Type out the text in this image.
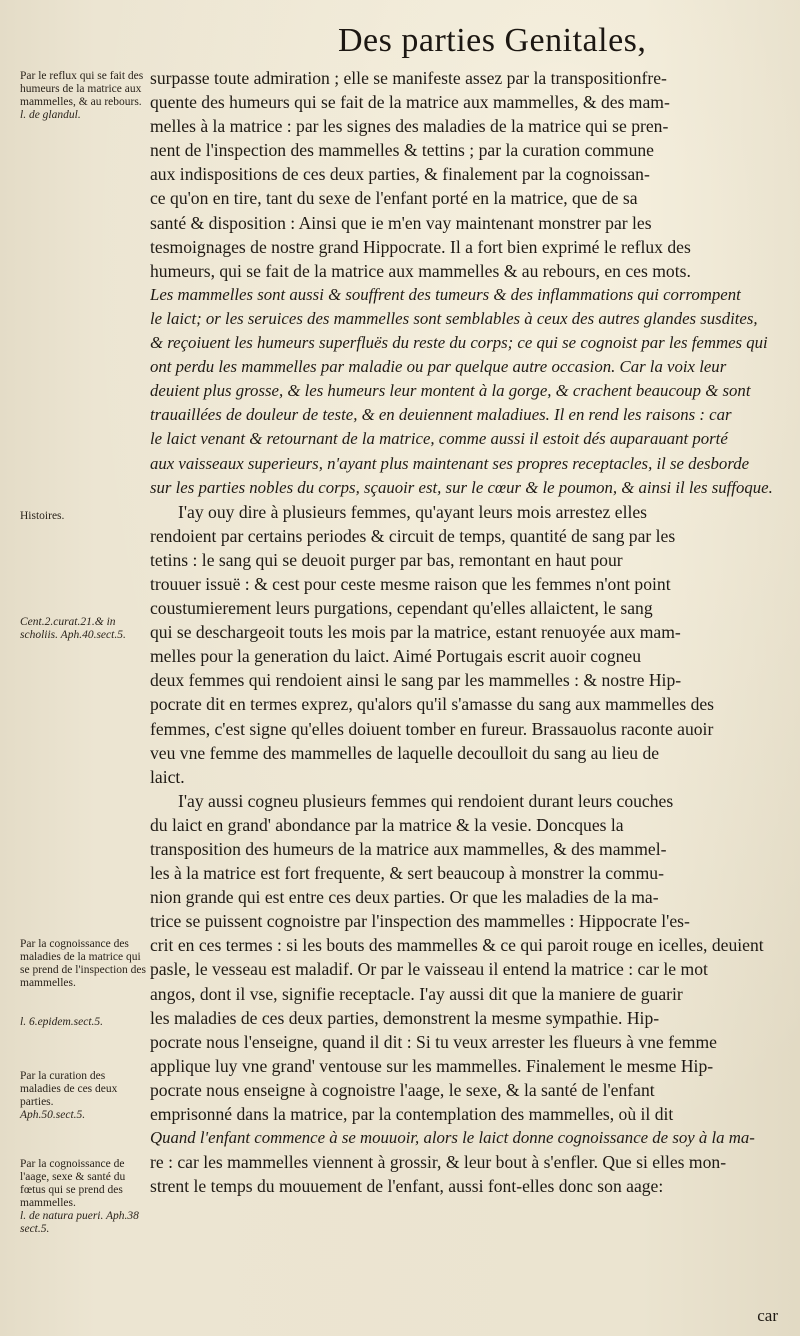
Des parties Genitales,
Par le reflux qui se fait des humeurs de la matrice aux mammelles, & au rebours.
l. de glandul.
Histoires.
Cent.2.curat.21.& in scholiis. Aph.40.sect.5.
Par la cognoissance des maladies de la matrice qui se prend de l'inspection des mammelles.
l. 6.epidem.sect.5.
Par la curation des maladies de ces deux parties.
Aph.50.sect.5.
Par la cognoissance de l'aage, sexe & santé du fœtus qui se prend des mammelles.
l. de natura pueri. Aph.38 sect.5.
surpasse toute admiration ; elle se manifeste assez par la transpositionfre-
quente des humeurs qui se fait de la matrice aux mammelles, & des mam-
melles à la matrice : par les signes des maladies de la matrice qui se pren-
nent de l'inspection des mammelles & tettins ; par la curation commune
aux indispositions de ces deux parties, & finalement par la cognoissan-
ce qu'on en tire, tant du sexe de l'enfant porté en la matrice, que de sa
santé & disposition : Ainsi que ie m'en vay maintenant monstrer par les
tesmoignages de nostre grand Hippocrate. Il a fort bien exprimé le reflux des
humeurs, qui se fait de la matrice aux mammelles & au rebours, en ces mots.
Les mammelles sont aussi & souffrent des tumeurs & des inflammations qui corrompent
le laict; or les seruices des mammelles sont semblables à ceux des autres glandes susdites,
& reçoiuent les humeurs superfluës du reste du corps; ce qui se cognoist par les femmes qui
ont perdu les mammelles par maladie ou par quelque autre occasion. Car la voix leur
deuient plus grosse, & les humeurs leur montent à la gorge, & crachent beaucoup & sont
trauaillées de douleur de teste, & en deuiennent maladiues. Il en rend les raisons : car
le laict venant & retournant de la matrice, comme aussi il estoit dés auparauant porté
aux vaisseaux superieurs, n'ayant plus maintenant ses propres receptacles, il se desborde
sur les parties nobles du corps, sçauoir est, sur le cœur & le poumon, & ainsi il les suffoque.
I'ay ouy dire à plusieurs femmes, qu'ayant leurs mois arrestez elles
rendoient par certains periodes & circuit de temps, quantité de sang par les
tetins : le sang qui se deuoit purger par bas, remontant en haut pour
trouuer issuë : & cest pour ceste mesme raison que les femmes n'ont point
coustumierement leurs purgations, cependant qu'elles allaictent, le sang
qui se deschargeoit touts les mois par la matrice, estant renuoyée aux mam-
melles pour la generation du laict. Aimé Portugais escrit auoir cogneu
deux femmes qui rendoient ainsi le sang par les mammelles : & nostre Hip-
pocrate dit en termes exprez, qu'alors qu'il s'amasse du sang aux mammelles des
femmes, c'est signe qu'elles doiuent tomber en fureur. Brassauolus raconte auoir
veu vne femme des mammelles de laquelle decoulloit du sang au lieu de
laict.
I'ay aussi cogneu plusieurs femmes qui rendoient durant leurs couches
du laict en grand' abondance par la matrice & la vesie. Doncques la
transposition des humeurs de la matrice aux mammelles, & des mammel-
les à la matrice est fort frequente, & sert beaucoup à monstrer la commu-
nion grande qui est entre ces deux parties. Or que les maladies de la ma-
trice se puissent cognoistre par l'inspection des mammelles : Hippocrate l'es-
crit en ces termes : si les bouts des mammelles & ce qui paroit rouge en icelles, deuient
pasle, le vesseau est maladif. Or par le vaisseau il entend la matrice : car le mot
angos, dont il vse, signifie receptacle. I'ay aussi dit que la maniere de guarir
les maladies de ces deux parties, demonstrent la mesme sympathie. Hip-
pocrate nous l'enseigne, quand il dit : Si tu veux arrester les flueurs à vne femme
applique luy vne grand' ventouse sur les mammelles. Finalement le mesme Hip-
pocrate nous enseigne à cognoistre l'aage, le sexe, & la santé de l'enfant
emprisonné dans la matrice, par la contemplation des mammelles, où il dit
Quand l'enfant commence à se mouuoir, alors le laict donne cognoissance de soy à la ma-
re : car les mammelles viennent à grossir, & leur bout à s'enfler. Que si elles mon-
strent le temps du mouuement de l'enfant, aussi font-elles donc son aage:
car
